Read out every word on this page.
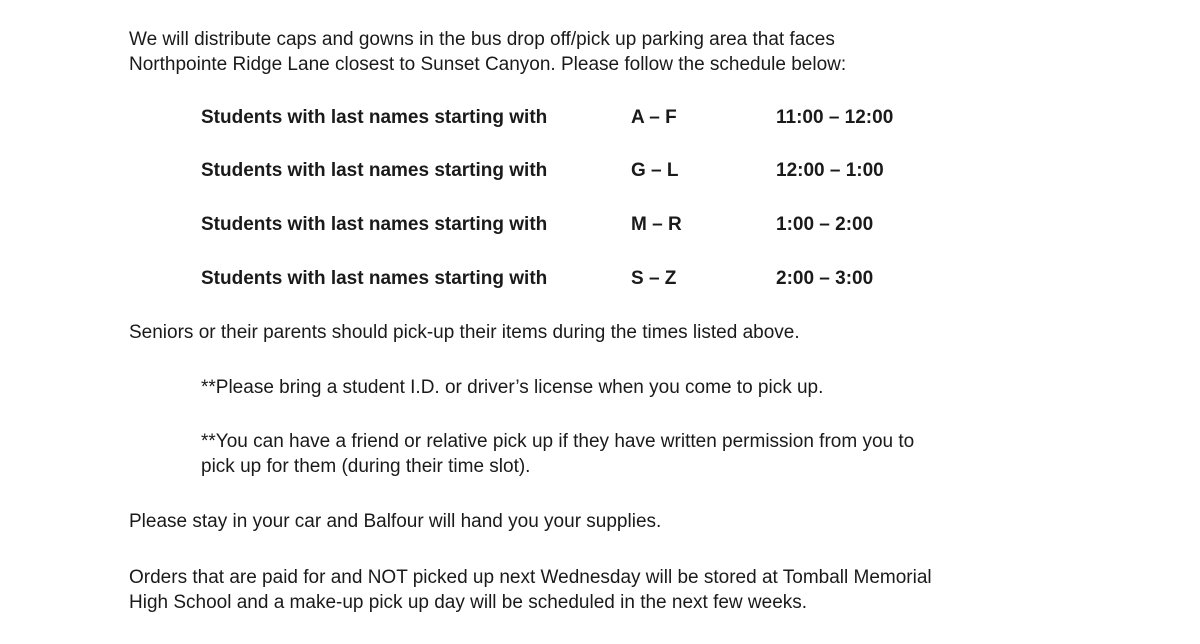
We will distribute caps and gowns in the bus drop off/pick up parking area that faces
Northpointe Ridge Lane closest to Sunset Canyon. Please follow the schedule below:

Students with last names starting with	A – F	11:00 – 12:00
Students with last names starting with	G – L	12:00 – 1:00
Students with last names starting with	M – R	1:00 – 2:00
Students with last names starting with	S – Z	2:00 – 3:00

Seniors or their parents should pick-up their items during the times listed above.

**Please bring a student I.D. or driver’s license when you come to pick up.

**You can have a friend or relative pick up if they have written permission from you to
pick up for them (during their time slot).

Please stay in your car and Balfour will hand you your supplies.

Orders that are paid for and NOT picked up next Wednesday will be stored at Tomball Memorial
High School and a make-up pick up day will be scheduled in the next few weeks.
